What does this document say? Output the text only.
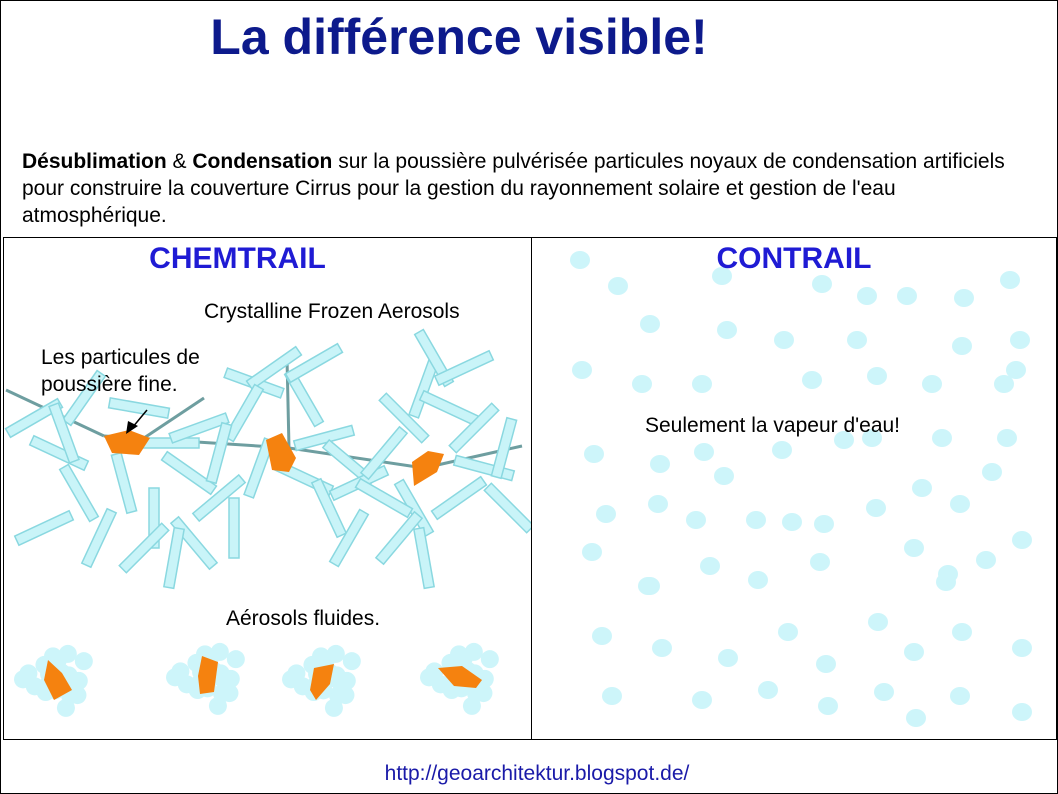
La différence visible!
Désublimation & Condensation sur la poussière pulvérisée particules noyaux de condensation artificiels pour construire la couverture Cirrus pour la gestion du rayonnement solaire et gestion de l'eau atmosphérique.
CHEMTRAIL
Crystalline Frozen Aerosols
Les particules de
poussière fine.
Aérosols fluides.
CONTRAIL
Seulement la vapeur d'eau!
http://geoarchitektur.blogspot.de/
